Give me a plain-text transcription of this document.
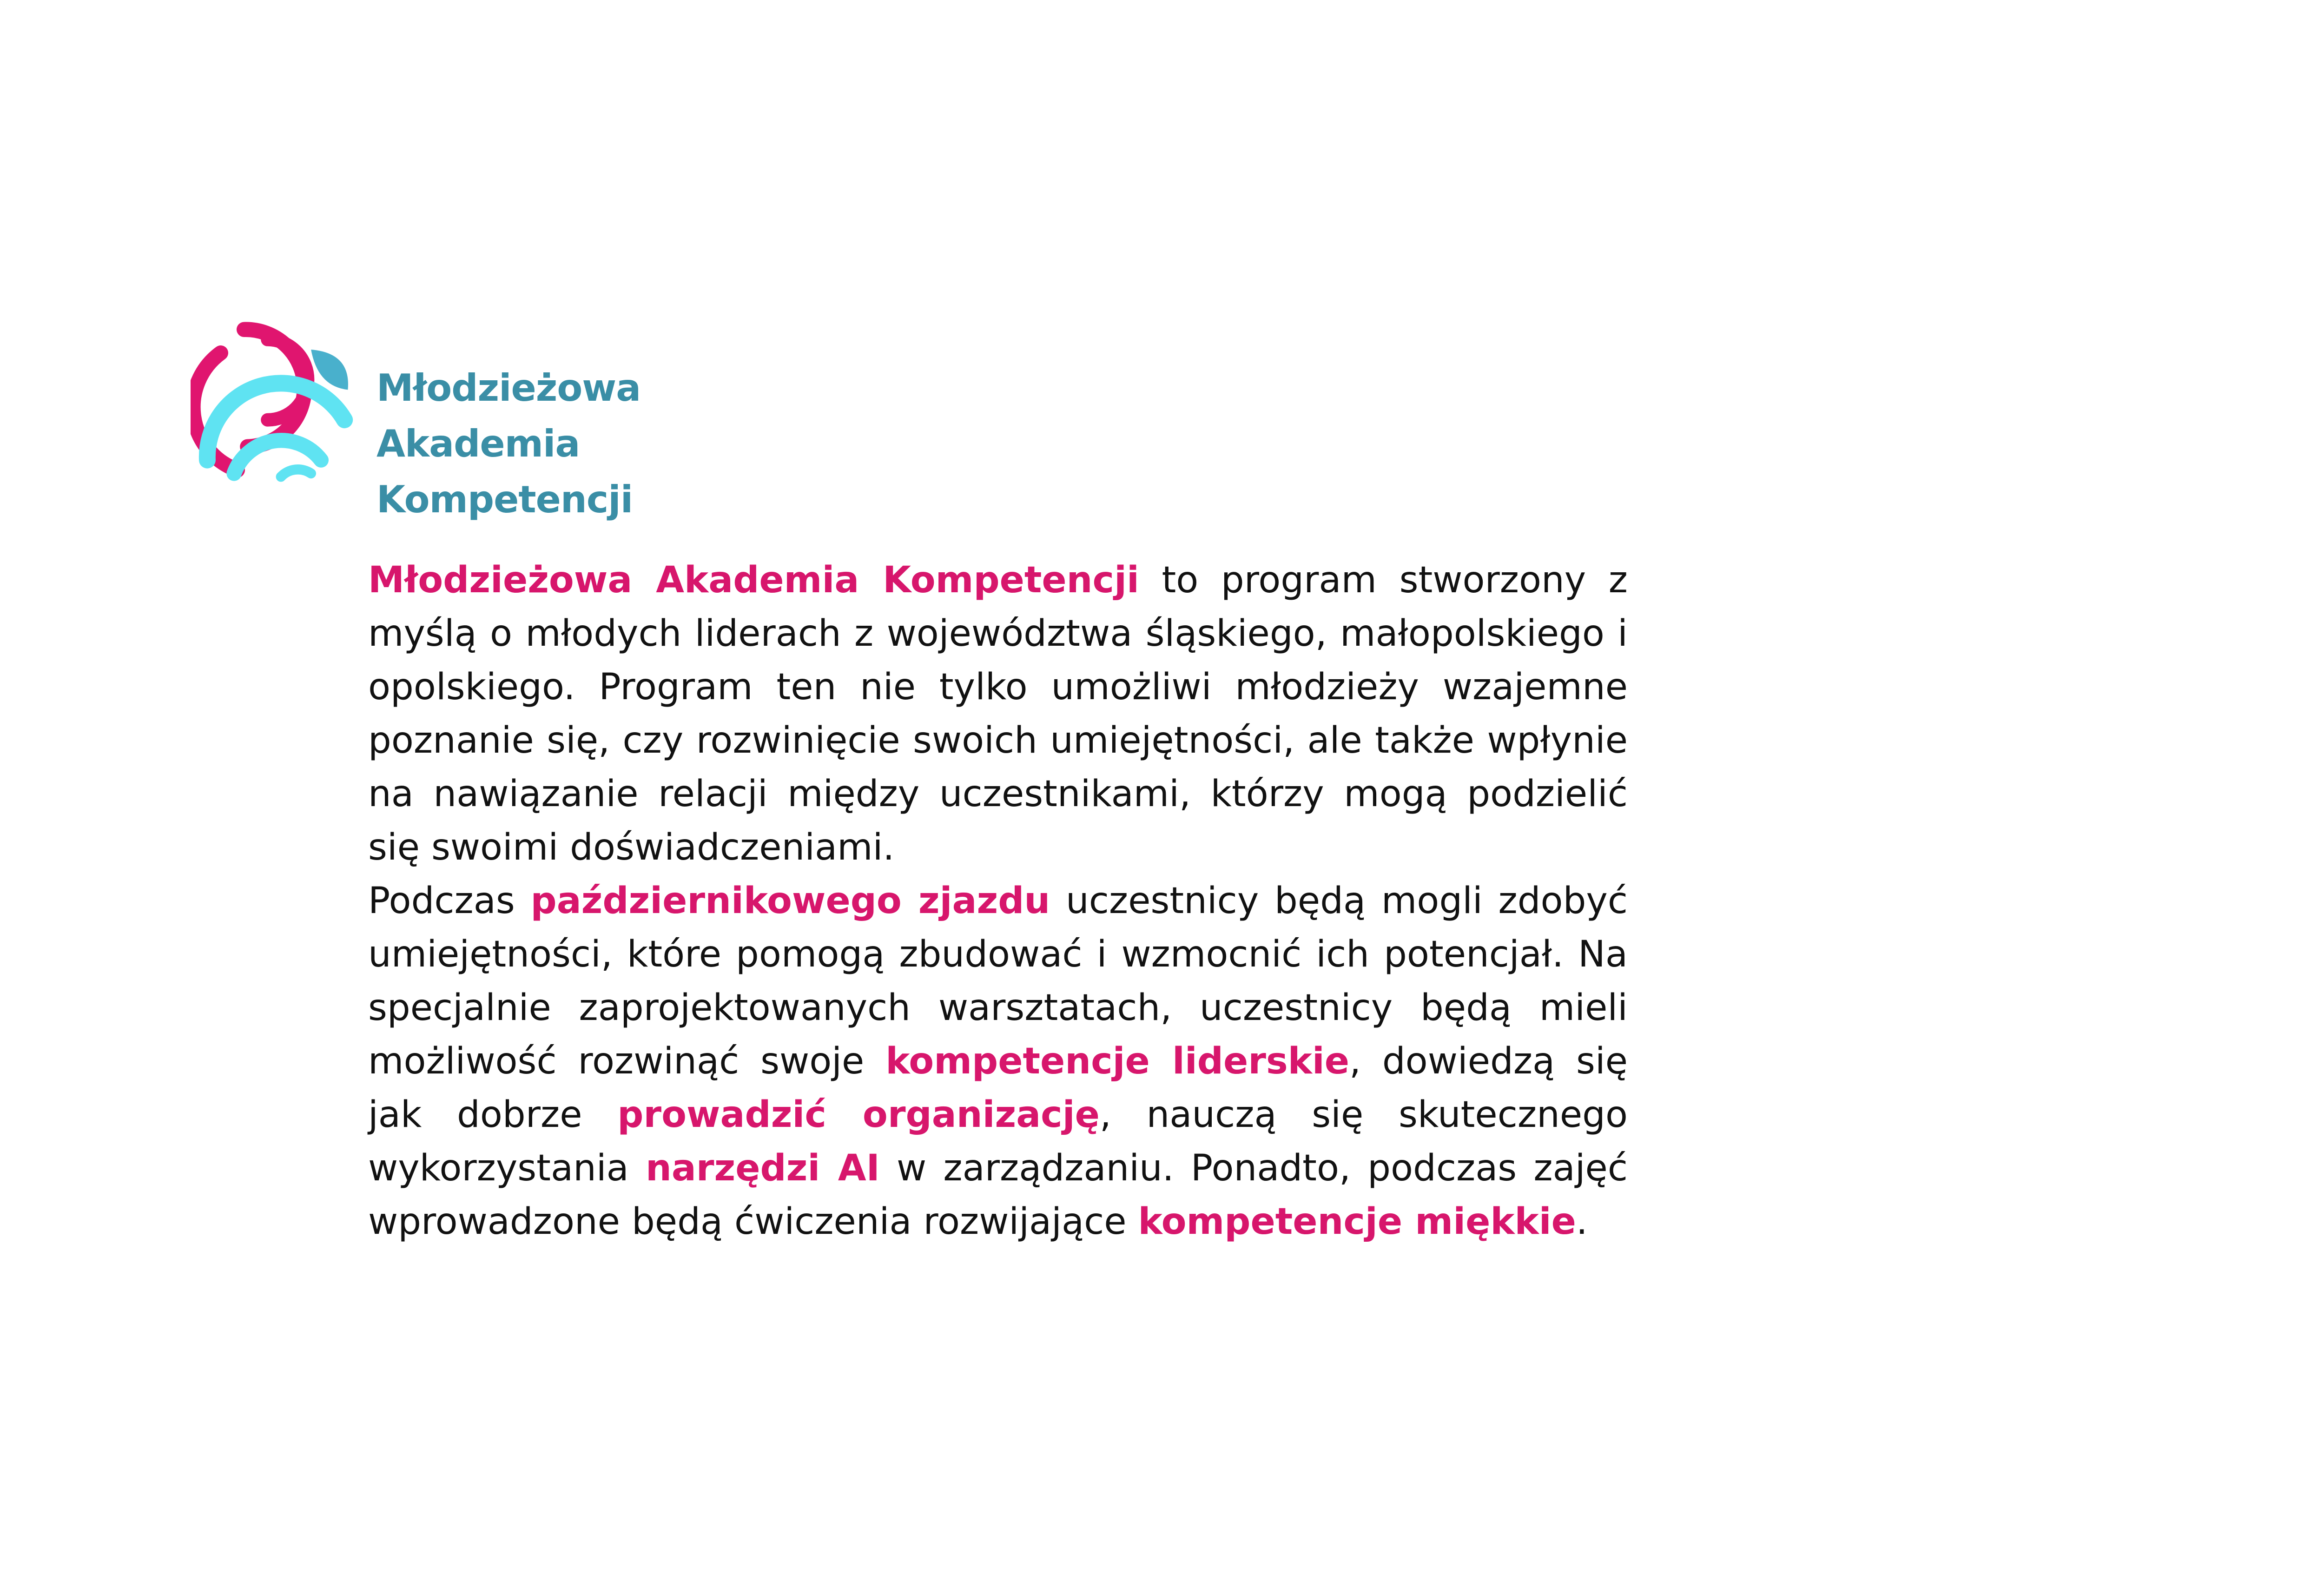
Młodzieżowa Akademia
Kompetencji

Młodzieżowa Akademia Kompetencji to program stworzony z myślą o młodych liderach z województwa śląskiego, małopolskiego i opolskiego. Program ten nie tylko umożliwi młodzieży wzajemne poznanie się, czy rozwinięcie swoich umiejętności, ale także wpłynie na nawiązanie relacji między uczestnikami, którzy mogą podzielić się swoimi doświadczeniami.

Podczas październikowego zjazdu uczestnicy będą mogli zdobyć umiejętności, które pomogą zbudować i wzmocnić ich potencjał. Na specjalnie zaprojektowanych warsztatach, uczestnicy będą mieli możliwość rozwinąć swoje kompetencje liderskie, dowiedzą się jak dobrze prowadzić organizację, nauczą się skutecznego wykorzystania narzędzi AI w zarządzaniu. Ponadto, podczas zajęć wprowadzone będą ćwiczenia rozwijające kompetencje miękkie.
